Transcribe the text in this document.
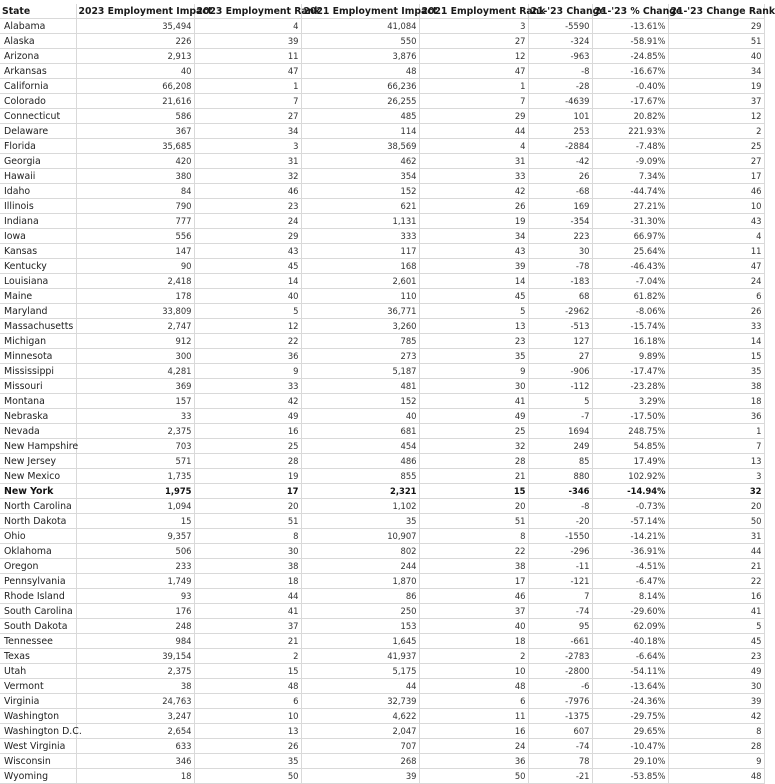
State	2023 Employment Impact	2023 Employment Rank	2021 Employment Impact	2021 Employment Rank	21-'23 Change	21-'23 % Change	21-'23 Change Rank
Alabama	35,494	4	41,084	3	-5590	-13.61%	29
Alaska	226	39	550	27	-324	-58.91%	51
Arizona	2,913	11	3,876	12	-963	-24.85%	40
Arkansas	40	47	48	47	-8	-16.67%	34
California	66,208	1	66,236	1	-28	-0.40%	19
Colorado	21,616	7	26,255	7	-4639	-17.67%	37
Connecticut	586	27	485	29	101	20.82%	12
Delaware	367	34	114	44	253	221.93%	2
Florida	35,685	3	38,569	4	-2884	-7.48%	25
Georgia	420	31	462	31	-42	-9.09%	27
Hawaii	380	32	354	33	26	7.34%	17
Idaho	84	46	152	42	-68	-44.74%	46
Illinois	790	23	621	26	169	27.21%	10
Indiana	777	24	1,131	19	-354	-31.30%	43
Iowa	556	29	333	34	223	66.97%	4
Kansas	147	43	117	43	30	25.64%	11
Kentucky	90	45	168	39	-78	-46.43%	47
Louisiana	2,418	14	2,601	14	-183	-7.04%	24
Maine	178	40	110	45	68	61.82%	6
Maryland	33,809	5	36,771	5	-2962	-8.06%	26
Massachusetts	2,747	12	3,260	13	-513	-15.74%	33
Michigan	912	22	785	23	127	16.18%	14
Minnesota	300	36	273	35	27	9.89%	15
Mississippi	4,281	9	5,187	9	-906	-17.47%	35
Missouri	369	33	481	30	-112	-23.28%	38
Montana	157	42	152	41	5	3.29%	18
Nebraska	33	49	40	49	-7	-17.50%	36
Nevada	2,375	16	681	25	1694	248.75%	1
New Hampshire	703	25	454	32	249	54.85%	7
New Jersey	571	28	486	28	85	17.49%	13
New Mexico	1,735	19	855	21	880	102.92%	3
New York	1,975	17	2,321	15	-346	-14.94%	32
North Carolina	1,094	20	1,102	20	-8	-0.73%	20
North Dakota	15	51	35	51	-20	-57.14%	50
Ohio	9,357	8	10,907	8	-1550	-14.21%	31
Oklahoma	506	30	802	22	-296	-36.91%	44
Oregon	233	38	244	38	-11	-4.51%	21
Pennsylvania	1,749	18	1,870	17	-121	-6.47%	22
Rhode Island	93	44	86	46	7	8.14%	16
South Carolina	176	41	250	37	-74	-29.60%	41
South Dakota	248	37	153	40	95	62.09%	5
Tennessee	984	21	1,645	18	-661	-40.18%	45
Texas	39,154	2	41,937	2	-2783	-6.64%	23
Utah	2,375	15	5,175	10	-2800	-54.11%	49
Vermont	38	48	44	48	-6	-13.64%	30
Virginia	24,763	6	32,739	6	-7976	-24.36%	39
Washington	3,247	10	4,622	11	-1375	-29.75%	42
Washington D.C.	2,654	13	2,047	16	607	29.65%	8
West Virginia	633	26	707	24	-74	-10.47%	28
Wisconsin	346	35	268	36	78	29.10%	9
Wyoming	18	50	39	50	-21	-53.85%	48
